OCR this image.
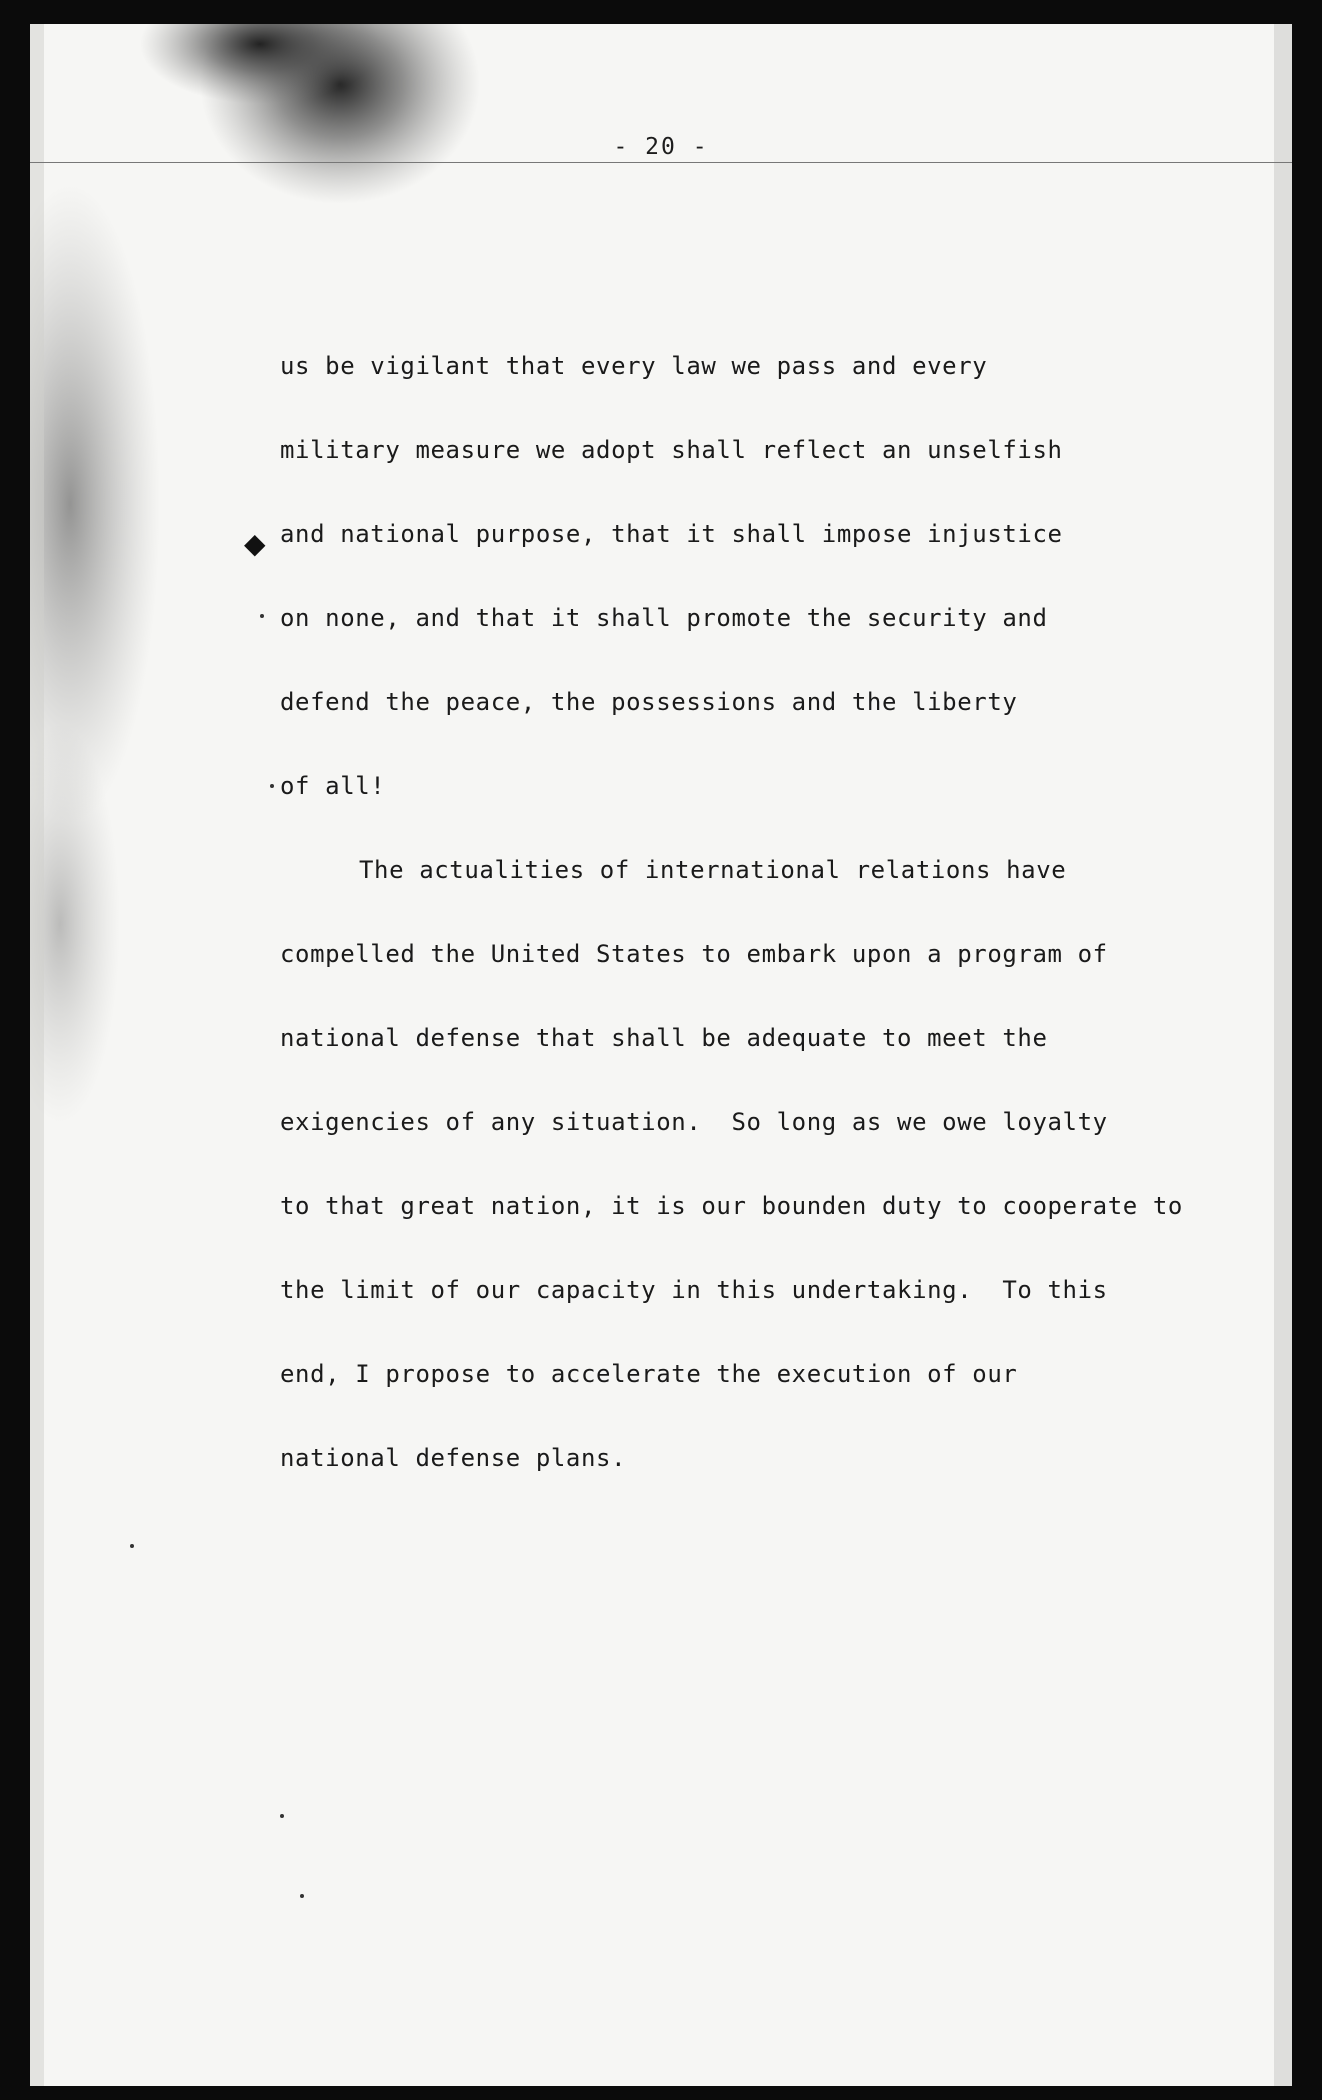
- 20 -
◆
us be vigilant that every law we pass and every
military measure we adopt shall reflect an unselfish
and national purpose, that it shall impose injustice
on none, and that it shall promote the security and
defend the peace, the possessions and the liberty
of all!
The actualities of international relations have
compelled the United States to embark upon a program of
national defense that shall be adequate to meet the
exigencies of any situation.  So long as we owe loyalty
to that great nation, it is our bounden duty to cooperate to
the limit of our capacity in this undertaking.  To this
end, I propose to accelerate the execution of our
national defense plans.
